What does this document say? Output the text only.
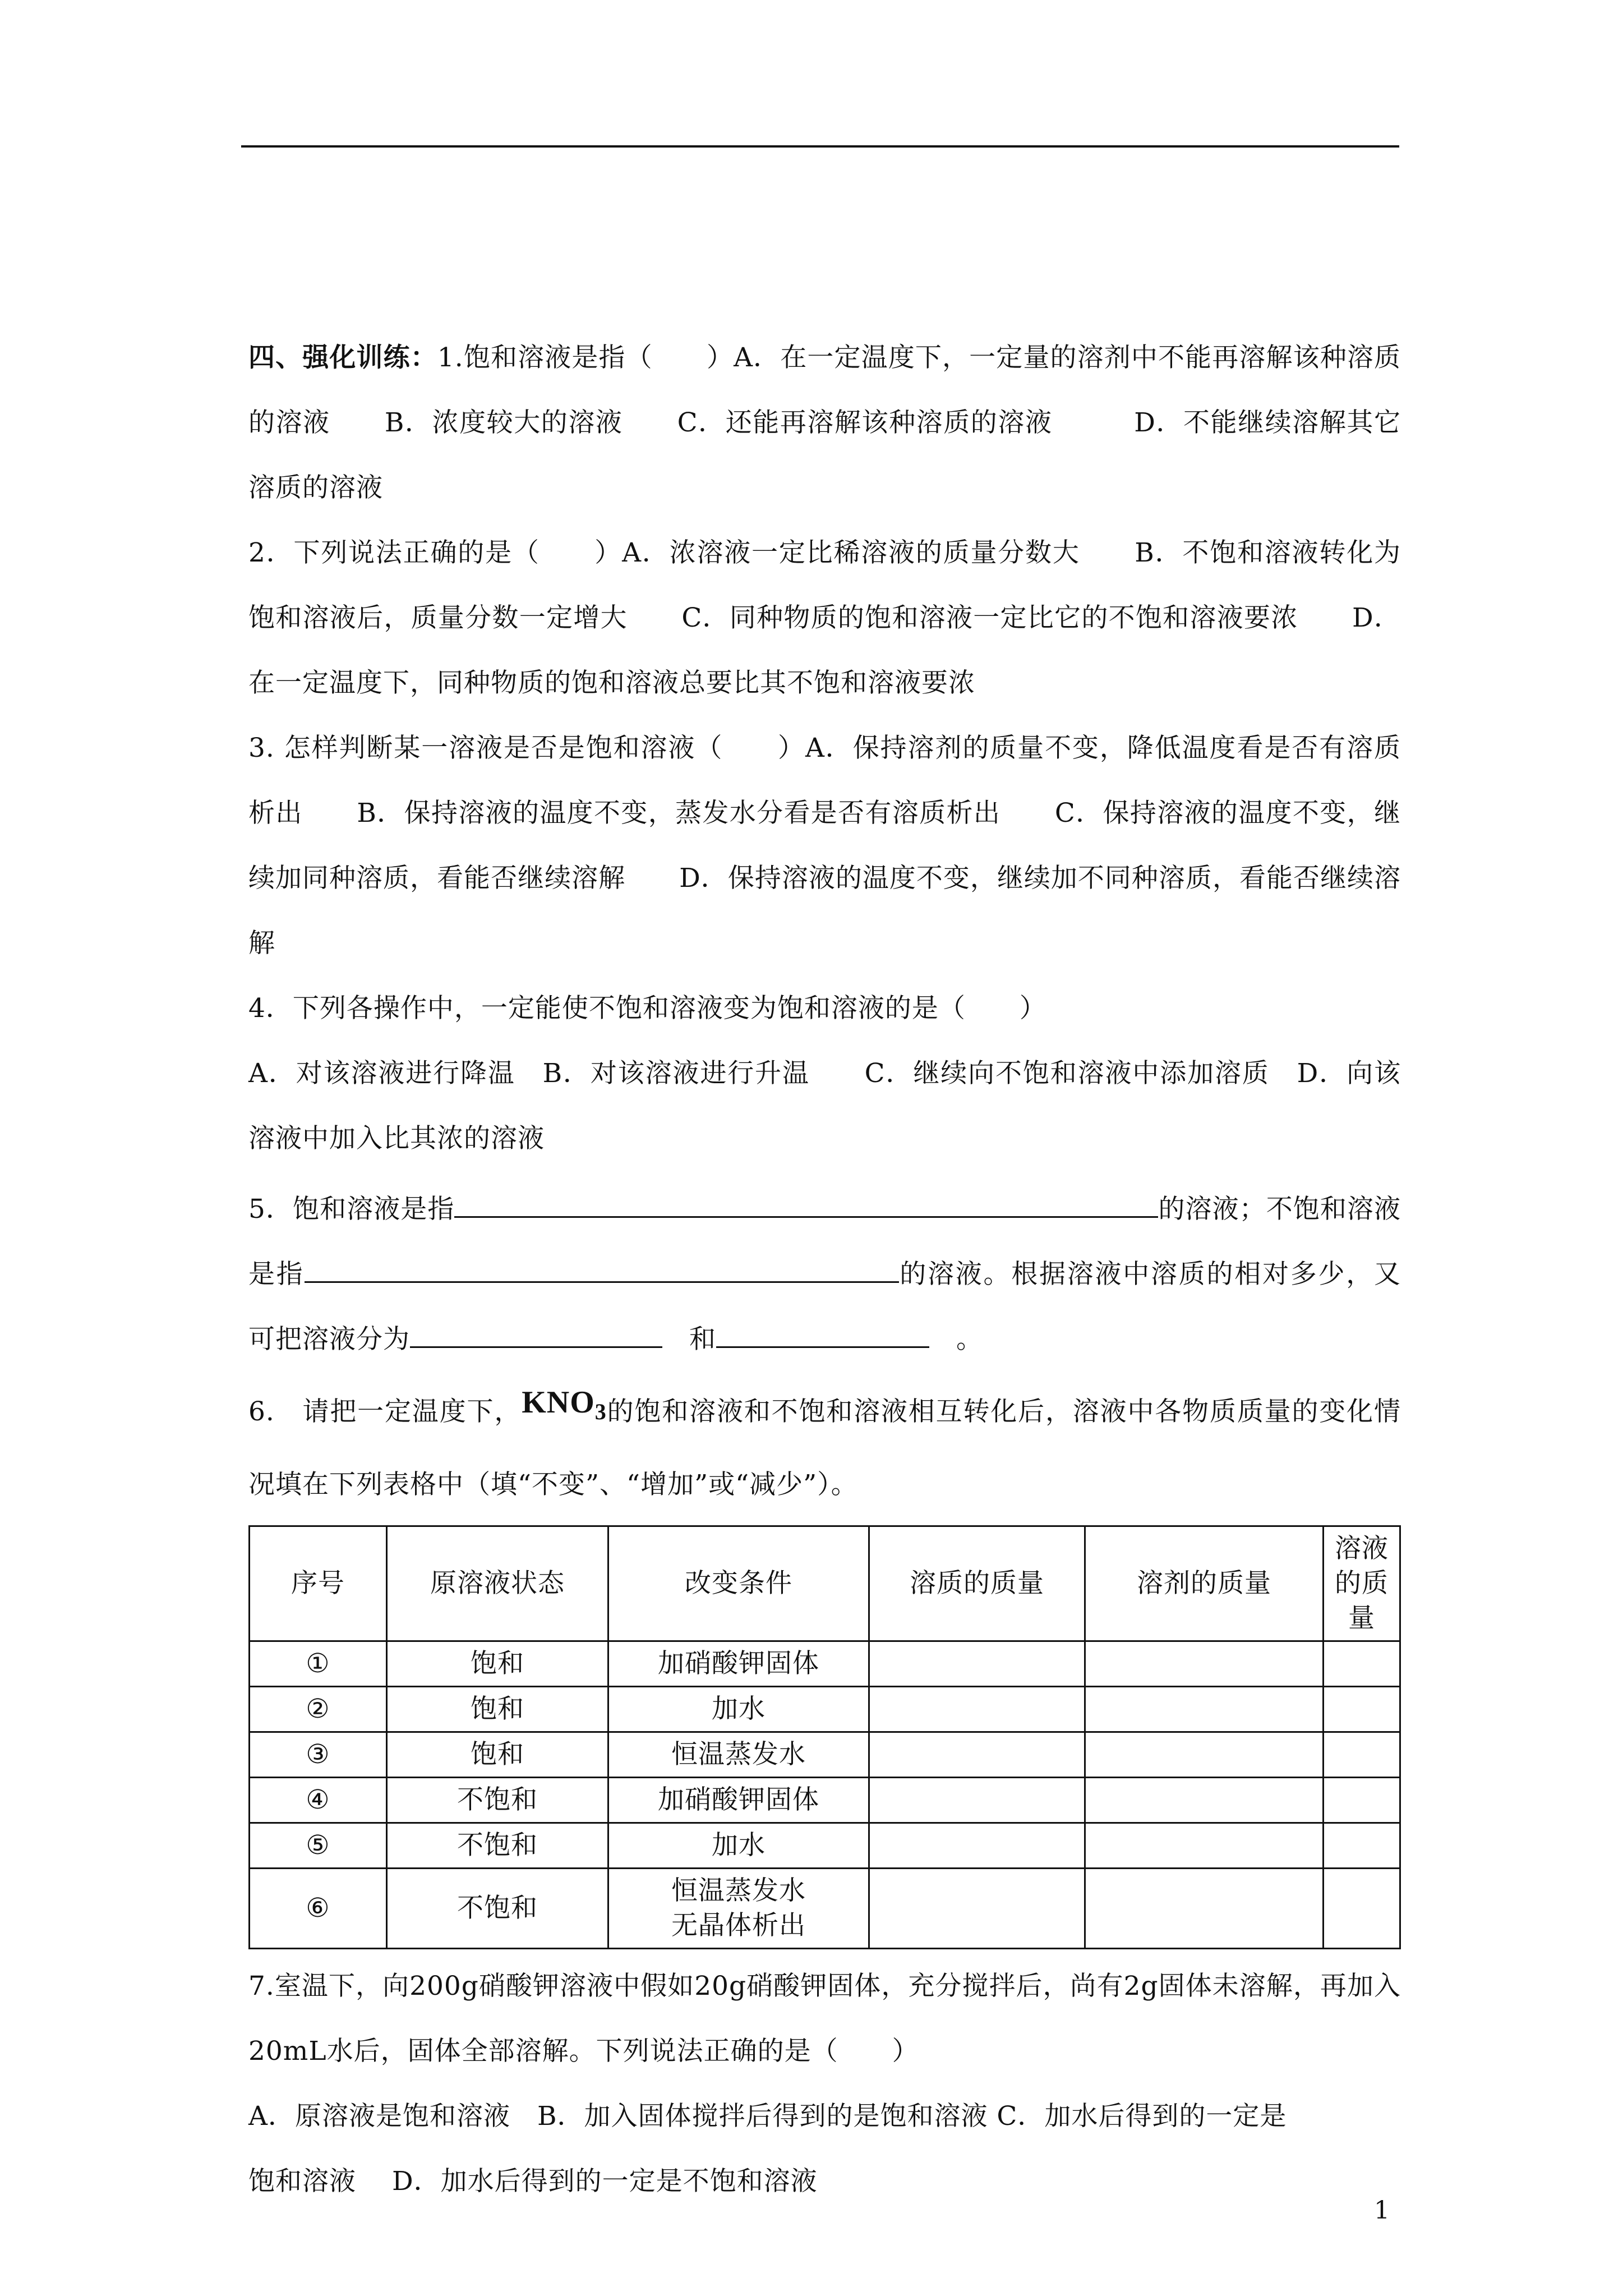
四、强化训练：1.饱和溶液是指（　　）A．在一定温度下，一定量的溶剂中不能再溶解该种溶质的溶液　　B．浓度较大的溶液　　C．还能再溶解该种溶质的溶液　　　D．不能继续溶解其它溶质的溶液

2．下列说法正确的是（　　）A．浓溶液一定比稀溶液的质量分数大　　B．不饱和溶液转化为饱和溶液后，质量分数一定增大　　C．同种物质的饱和溶液一定比它的不饱和溶液要浓　　D．在一定温度下，同种物质的饱和溶液总要比其不饱和溶液要浓

3. 怎样判断某一溶液是否是饱和溶液（　　）A．保持溶剂的质量不变，降低温度看是否有溶质析出　　B．保持溶液的温度不变，蒸发水分看是否有溶质析出　　C．保持溶液的温度不变，继续加同种溶质，看能否继续溶解　　D．保持溶液的温度不变，继续加不同种溶质，看能否继续溶解

4．下列各操作中，一定能使不饱和溶液变为饱和溶液的是（　　）

A．对该溶液进行降温　B．对该溶液进行升温　　C．继续向不饱和溶液中添加溶质　D．向该溶液中加入比其浓的溶液

5．饱和溶液是指	的溶液；不饱和溶液是指	的溶液。根据溶液中溶质的相对多少，又可把溶液分为　	和　	。

6.　请把一定温度下，$KNO_3$的饱和溶液和不饱和溶液相互转化后，溶液中各物质质量的变化情况填在下列表格中（填“不变”、“增加”或“减少”）。

序号	原溶液状态	改变条件	溶质的质量	溶剂的质量	溶液的质量
①	饱和	加硝酸钾固体			
②	饱和	加水			
③	饱和	恒温蒸发水			
④	不饱和	加硝酸钾固体			
⑤	不饱和	加水			
⑥	不饱和	恒温蒸发水
无晶体析出			

7.室温下，向200g硝酸钾溶液中假如20g硝酸钾固体，充分搅拌后，尚有2g固体未溶解，再加入20mL水后，固体全部溶解。下列说法正确的是（　　）

A．原溶液是饱和溶液　B．加入固体搅拌后得到的是饱和溶液 C．加水后得到的一定是

饱和溶液　 D．加水后得到的一定是不饱和溶液

1
